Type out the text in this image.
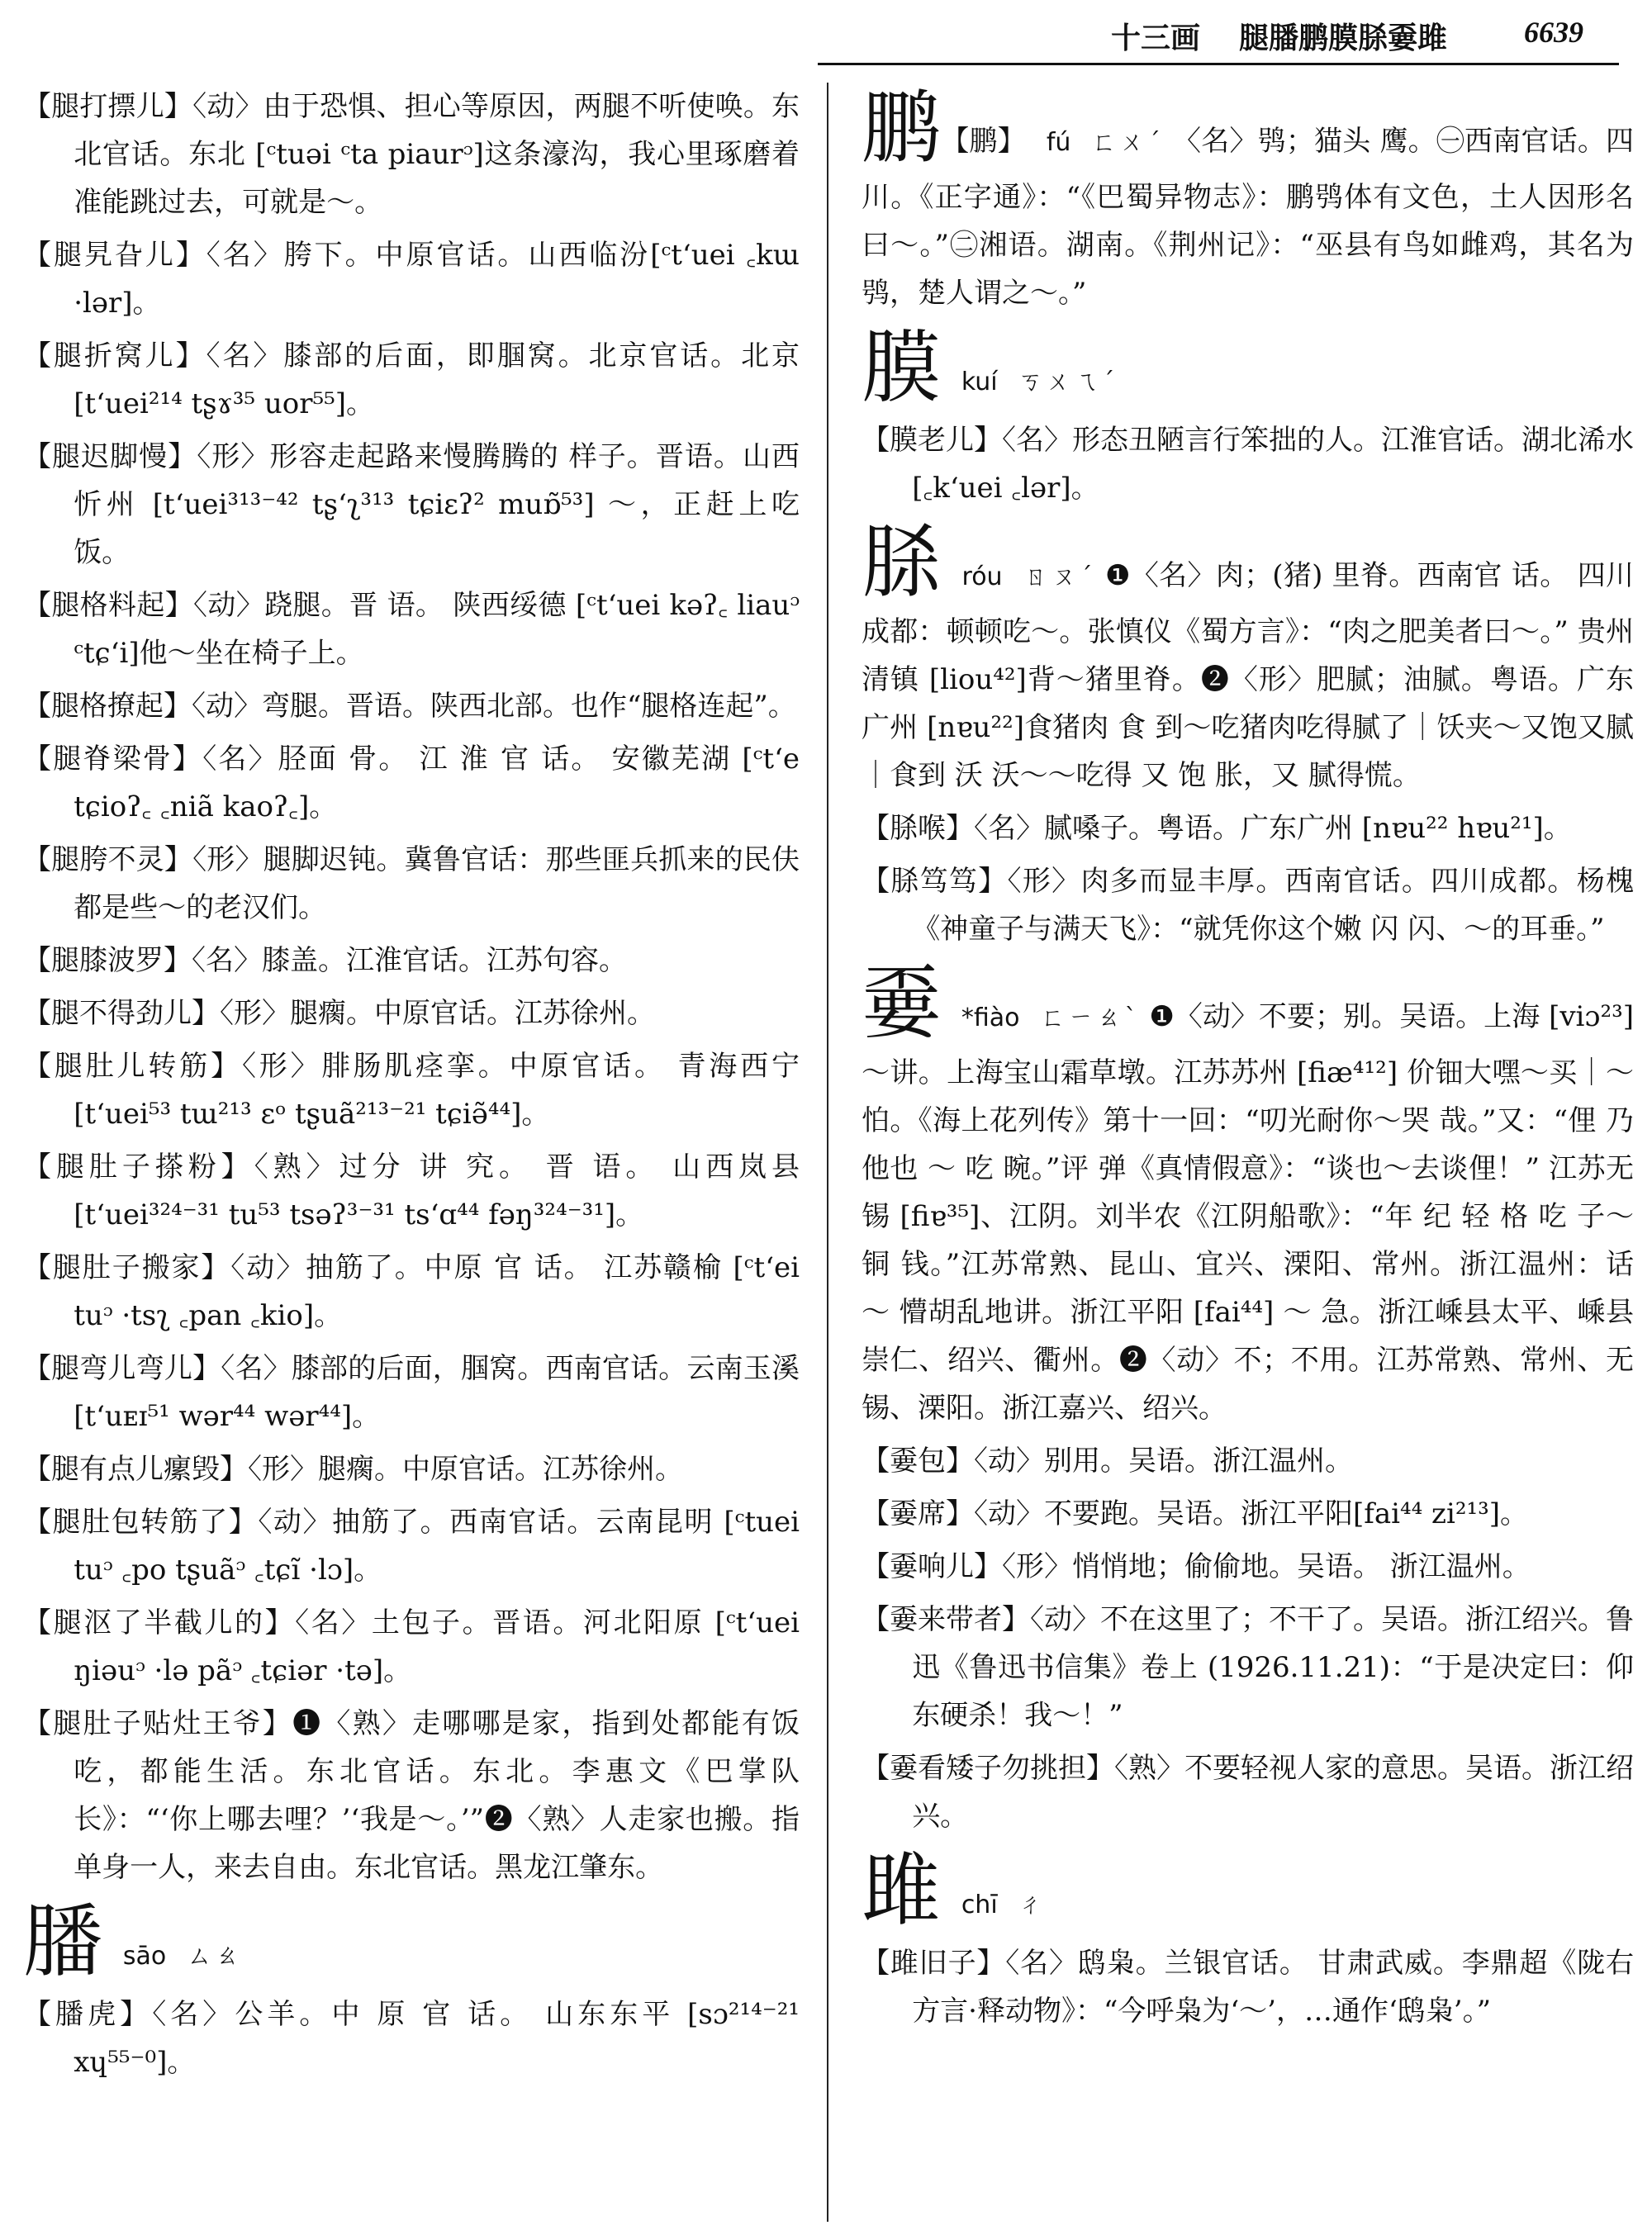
十三画 腿膰鹏膜脎嫑雎	6639
【腿打摽儿】〈动〉由于恐惧、担心等原因，两腿不听使唤。东北官话。东北 [ᶜtuəi ᶜta piaurᵓ]这条濠沟，我心里琢磨着准能跳过去，可就是～。
【腿旯旮儿】〈名〉胯下。中原官话。山西临汾[ᶜtʻuei ꜀kɯ ·lər]。
【腿折窝儿】〈名〉膝部的后面，即腘窝。北京官话。北京 [tʻuei²¹⁴ tʂɤ³⁵ uor⁵⁵]。
【腿迟脚慢】〈形〉形容走起路来慢腾腾的 样子。晋语。山西忻州 [tʻuei³¹³⁻⁴² tʂʻʅ³¹³ tɕiɛʔ² muɒ̃⁵³] ～，正赶上吃饭。
【腿格料起】〈动〉跷腿。晋 语。 陕西绥德 [ᶜtʻuei kəʔ꜀ liauᵓ ᶜtɕʻi]他～坐在椅子上。
【腿格撩起】〈动〉弯腿。晋语。陕西北部。也作“腿格连起”。
【腿脊梁骨】〈名〉胫面 骨。 江 淮 官 话。 安徽芜湖 [ᶜtʻe tɕioʔ꜀ ꜀niã kaoʔ꜀]。
【腿胯不灵】〈形〉腿脚迟钝。冀鲁官话：那些匪兵抓来的民伕都是些～的老汉们。
【腿膝波罗】〈名〉膝盖。江淮官话。江苏句容。
【腿不得劲儿】〈形〉腿瘸。中原官话。江苏徐州。
【腿肚儿转筋】〈形〉腓肠肌痉挛。中原官话。 青海西宁 [tʻuei⁵³ tɯ²¹³ ɛᵒ tʂuã²¹³⁻²¹ tɕiə̃⁴⁴]。
【腿肚子搽粉】〈熟〉过分 讲 究。 晋 语。 山西岚县 [tʻuei³²⁴⁻³¹ tu⁵³ tsəʔ³⁻³¹ tsʻɑ⁴⁴ fəŋ³²⁴⁻³¹]。
【腿肚子搬家】〈动〉抽筋了。中原 官 话。 江苏赣榆 [ᶜtʻei tuᵓ ·tsʅ ꜀pan ꜀kio]。
【腿弯儿弯儿】〈名〉膝部的后面，腘窝。西南官话。云南玉溪 [tʻuᴇɪ⁵¹ wər⁴⁴ wər⁴⁴]。
【腿有点儿瘰毁】〈形〉腿瘸。中原官话。江苏徐州。
【腿肚包转筋了】〈动〉抽筋了。西南官话。云南昆明 [ᶜtuei tuᵓ ꜀po tʂuãᵓ ꜀tɕĩ ·lɔ]。
【腿沤了半截儿的】〈名〉土包子。晋语。河北阳原 [ᶜtʻuei ŋiəuᵓ ·lə pãᵓ ꜀tɕiər ·tə]。
【腿肚子贴灶王爷】❶〈熟〉走哪哪是家，指到处都能有饭吃，都能生活。东北官话。东北。李惠文《巴掌队长》：“‘你上哪去哩？’‘我是～。’”❷〈熟〉人走家也搬。指单身一人，来去自由。东北官话。黑龙江肇东。
膰 sāo ㄙㄠ
【膰虎】〈名〉公羊。中 原 官 话。 山东东平 [sɔ²¹⁴⁻²¹ xɥ⁵⁵⁻⁰]。
鹏【鹏】 fú ㄈㄨˊ 〈名〉鸮；猫头 鹰。㊀西南官话。四川。《正字通》：“《巴蜀异物志》：鹏鸮体有文色，土人因形名曰～。”㊁湘语。湖南。《荆州记》：“巫县有鸟如雌鸡，其名为鸮，楚人谓之～。”
膜 kuí ㄎㄨㄟˊ
【膜老儿】〈名〉形态丑陋言行笨拙的人。江淮官话。湖北浠水 [꜀kʻuei ꜀lər]。
脎 róu ㄖㄡˊ ❶〈名〉肉；(猪) 里脊。西南官 话。 四川成都：顿顿吃～。张慎仪《蜀方言》：“肉之肥美者曰～。” 贵州清镇 [liou⁴²]背～猪里脊。❷〈形〉肥腻；油腻。粤语。广东广州 [nɐu²²]食猪肉 食 到～吃猪肉吃得腻了｜饫夹～又饱又腻｜食到 沃 沃～～吃得 又 饱 胀，又 腻得慌。
【脎喉】〈名〉腻嗓子。粤语。广东广州 [nɐu²² hɐu²¹]。
【脎笃笃】〈形〉肉多而显丰厚。西南官话。四川成都。杨槐《神童子与满天飞》：“就凭你这个嫩 闪 闪、～的耳垂。”
嫑 *fiào ㄈㄧㄠˋ ❶〈动〉不要；别。吴语。上海 [viɔ²³]～讲。上海宝山霜草墩。江苏苏州 [fiæ⁴¹²] 价钿大嘿～买｜～怕。《海上花列传》第十一回：“叨光耐你～哭 哉。”又：“俚 乃他也 ～ 吃 晼。”评 弹《真情假意》：“谈也～去谈俚！” 江苏无锡 [fiɐ³⁵]、江阴。刘半农《江阴船歌》：“年 纪 轻 格 吃 子～ 铜 钱。”江苏常熟、昆山、宜兴、溧阳、常州。浙江温州：话 ～ 懵胡乱地讲。浙江平阳 [fai⁴⁴] ～ 急。浙江嵊县太平、嵊县崇仁、绍兴、衢州。❷〈动〉不；不用。江苏常熟、常州、无锡、溧阳。浙江嘉兴、绍兴。
【嫑包】〈动〉别用。吴语。浙江温州。
【嫑席】〈动〉不要跑。吴语。浙江平阳[fai⁴⁴ zi²¹³]。
【嫑响儿】〈形〉悄悄地；偷偷地。吴语。 浙江温州。
【嫑来带者】〈动〉不在这里了；不干了。吴语。浙江绍兴。鲁迅《鲁迅书信集》卷上 (1926.11.21)：“于是决定曰：仰东硬杀！我～！”
【嫑看矮子勿挑担】〈熟〉不要轻视人家的意思。吴语。浙江绍兴。
雎 chī ㄔ
【雎旧子】〈名〉鸱枭。兰银官话。 甘肃武威。李鼎超《陇右方言·释动物》：“今呼枭为‘～’，…通作‘鸱枭’。”
